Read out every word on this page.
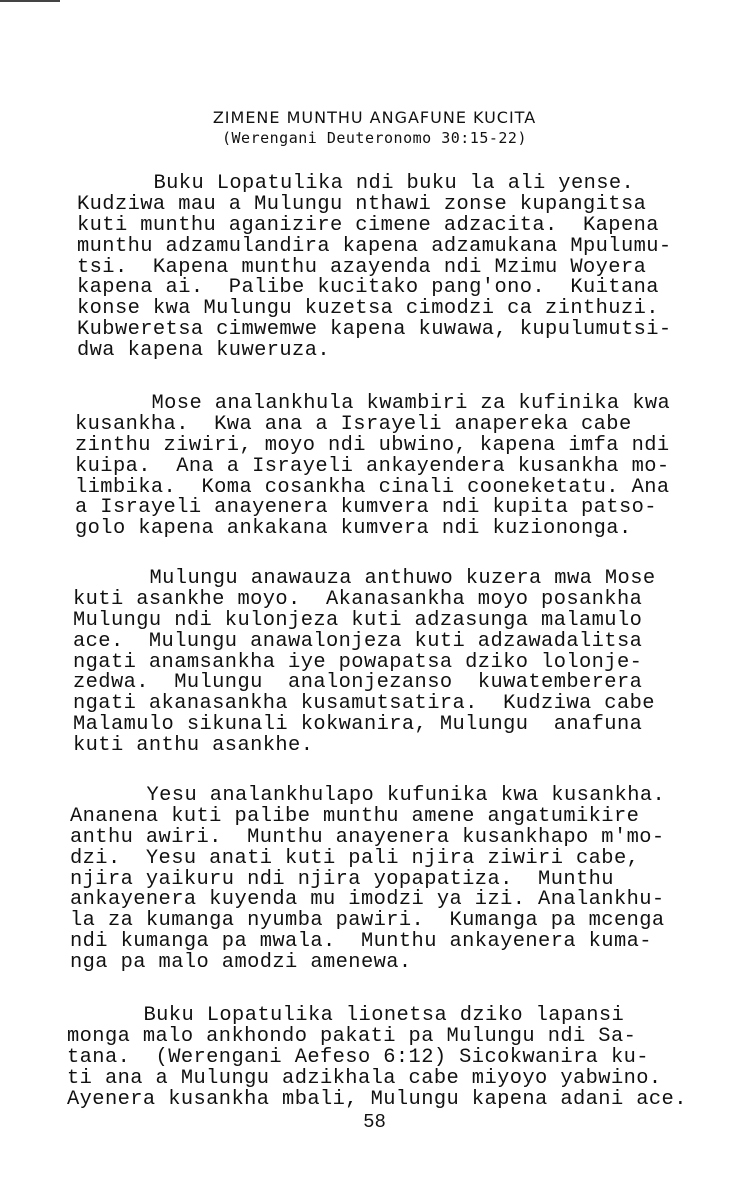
ZIMENE MUNTHU ANGAFUNE KUCITA
(Werengani Deuteronomo 30:15-22)
Buku Lopatulika ndi buku la ali yense.
Kudziwa mau a Mulungu nthawi zonse kupangitsa
kuti munthu aganizire cimene adzacita.  Kapena
munthu adzamulandira kapena adzamukana Mpulumu-
tsi.  Kapena munthu azayenda ndi Mzimu Woyera
kapena ai.  Palibe kucitako pang'ono.  Kuitana
konse kwa Mulungu kuzetsa cimodzi ca zinthuzi.
Kubweretsa cimwemwe kapena kuwawa, kupulumutsi-
dwa kapena kuweruza.
Mose analankhula kwambiri za kufinika kwa
kusankha.  Kwa ana a Israyeli anapereka cabe
zinthu ziwiri, moyo ndi ubwino, kapena imfa ndi
kuipa.  Ana a Israyeli ankayendera kusankha mo-
limbika.  Koma cosankha cinali cooneketatu. Ana
a Israyeli anayenera kumvera ndi kupita patso-
golo kapena ankakana kumvera ndi kuziononga.
Mulungu anawauza anthuwo kuzera mwa Mose
kuti asankhe moyo.  Akanasankha moyo posankha
Mulungu ndi kulonjeza kuti adzasunga malamulo
ace.  Mulungu anawalonjeza kuti adzawadalitsa
ngati anamsankha iye powapatsa dziko lolonje-
zedwa.  Mulungu  analonjezanso  kuwatemberera
ngati akanasankha kusamutsatira.  Kudziwa cabe
Malamulo sikunali kokwanira, Mulungu  anafuna
kuti anthu asankhe.
Yesu analankhulapo kufunika kwa kusankha.
Ananena kuti palibe munthu amene angatumikire
anthu awiri.  Munthu anayenera kusankhapo m'mo-
dzi.  Yesu anati kuti pali njira ziwiri cabe,
njira yaikuru ndi njira yopapatiza.  Munthu
ankayenera kuyenda mu imodzi ya izi. Analankhu-
la za kumanga nyumba pawiri.  Kumanga pa mcenga
ndi kumanga pa mwala.  Munthu ankayenera kuma-
nga pa malo amodzi amenewa.
Buku Lopatulika lionetsa dziko lapansi
monga malo ankhondo pakati pa Mulungu ndi Sa-
tana.  (Werengani Aefeso 6:12) Sicokwanira ku-
ti ana a Mulungu adzikhala cabe miyoyo yabwino.
Ayenera kusankha mbali, Mulungu kapena adani ace.
58
